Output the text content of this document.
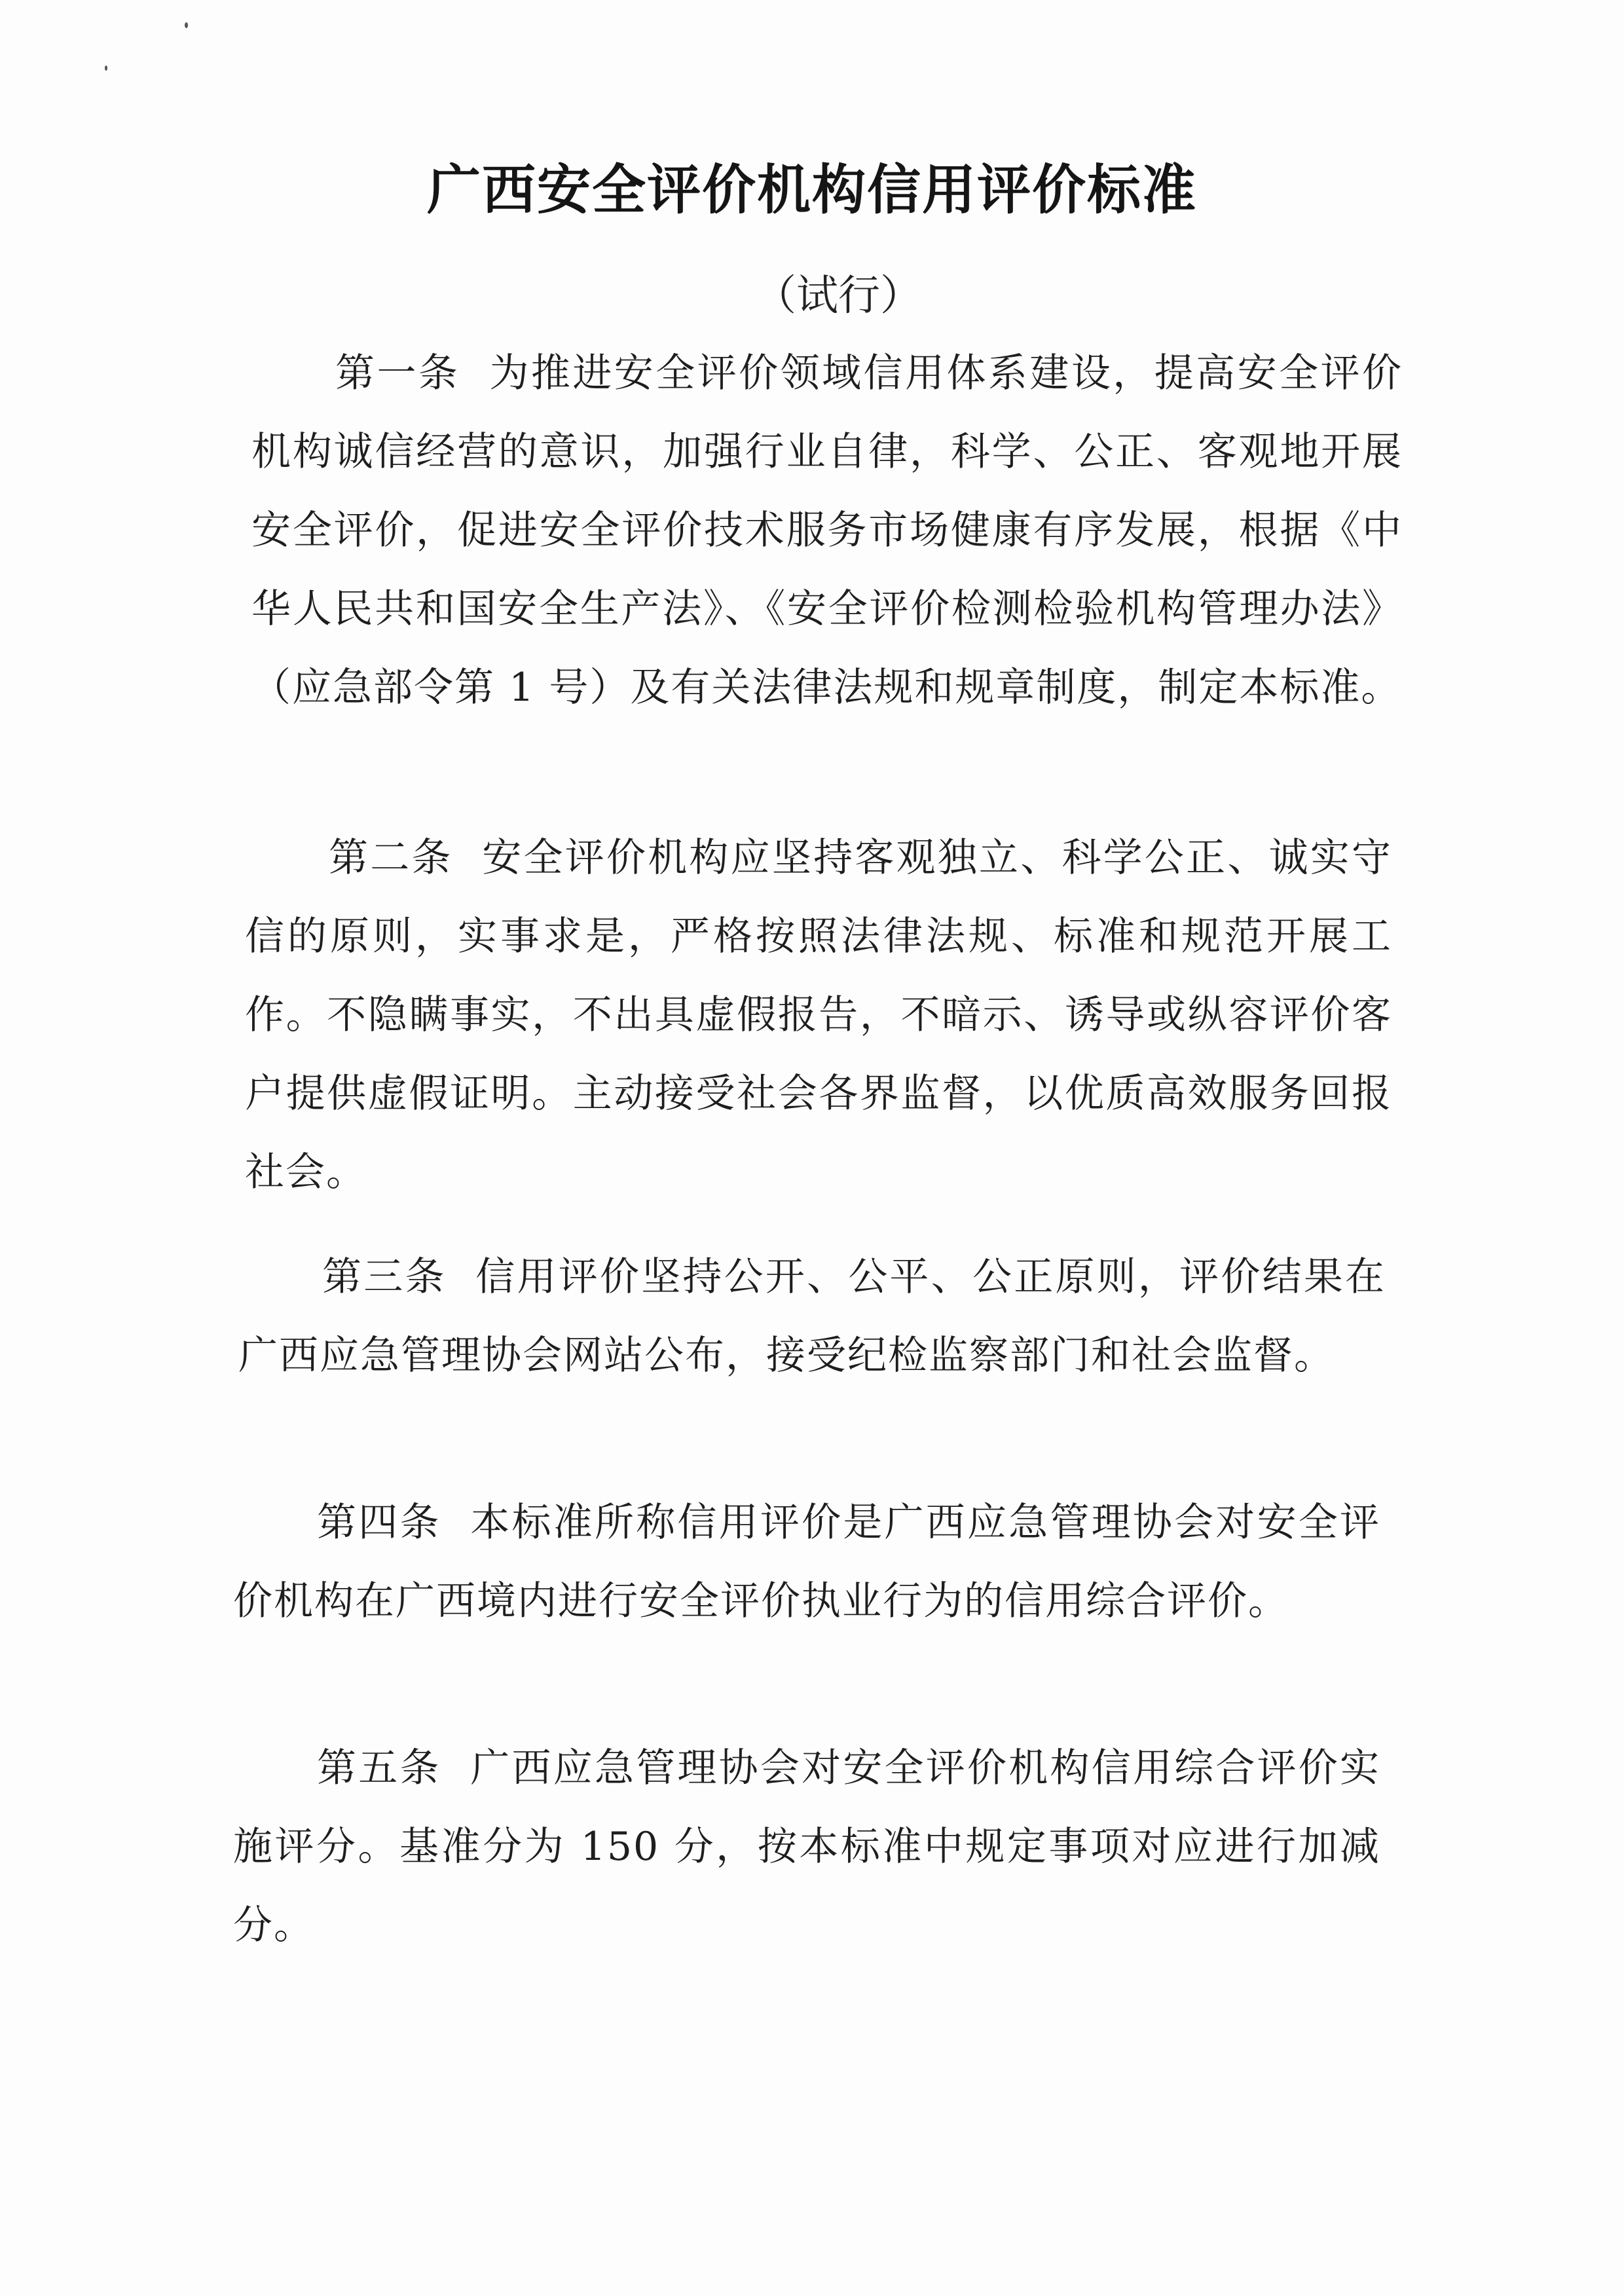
广西安全评价机构信用评价标准
（试行）

第一条 为推进安全评价领域信用体系建设，提高安全评价机构诚信经营的意识，加强行业自律，科学、公正、客观地开展安全评价，促进安全评价技术服务市场健康有序发展，根据《中华人民共和国安全生产法》、《安全评价检测检验机构管理办法》（应急部令第 1 号）及有关法律法规和规章制度，制定本标准。

第二条 安全评价机构应坚持客观独立、科学公正、诚实守信的原则，实事求是，严格按照法律法规、标准和规范开展工作。不隐瞒事实，不出具虚假报告，不暗示、诱导或纵容评价客户提供虚假证明。主动接受社会各界监督，以优质高效服务回报社会。

第三条 信用评价坚持公开、公平、公正原则，评价结果在广西应急管理协会网站公布，接受纪检监察部门和社会监督。

第四条 本标准所称信用评价是广西应急管理协会对安全评价机构在广西境内进行安全评价执业行为的信用综合评价。

第五条 广西应急管理协会对安全评价机构信用综合评价实施评分。基准分为 150 分，按本标准中规定事项对应进行加减分。
